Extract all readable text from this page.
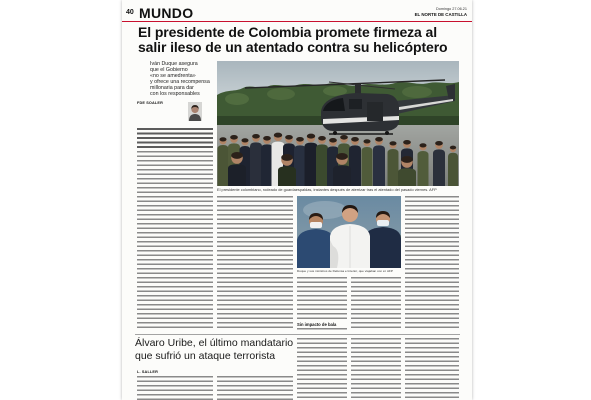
40 MUNDO	Domingo 27.06.21
EL NORTE DE CASTILLA
El presidente de Colombia promete firmeza al
salir ileso de un atentado contra su helicóptero
Iván Duque asegura
que el Gobierno
«no se amedrenta»
y ofrece una recompensa
millonaria para dar
con los responsables
FDE SOALER
Sin impacto de bala
El presidente colombiano, rodeado de guardaespaldas, instantes después de aterrizar tras el atentado del pasado viernes. AFP
Duque y sus ministros de Defensa e Interior, que viajaban con él. AFP
Álvaro Uribe, el último mandatario
que sufrió un ataque terrorista
L. SALLER
